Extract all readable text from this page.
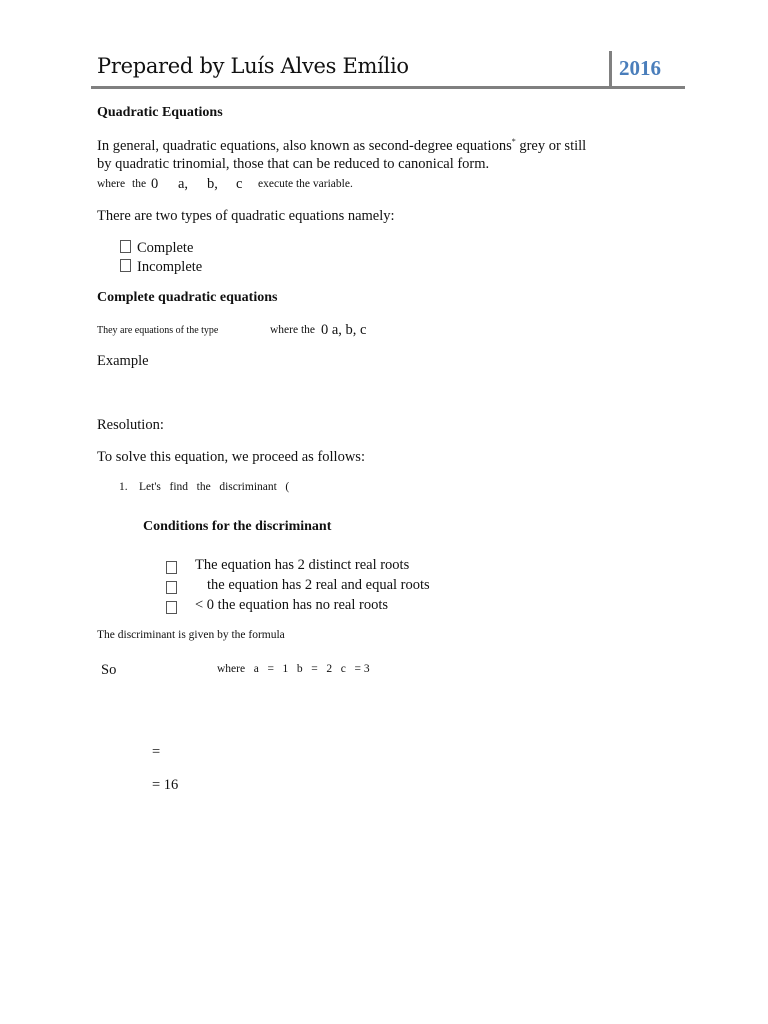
Prepared by Luís Alves Emílio	2016
Quadratic Equations
In general, quadratic equations, also known as second-degree equations* grey or still
by quadratic trinomial, those that can be reduced to canonical form.
where the 0 a, b, c execute the variable.
There are two types of quadratic equations namely:
Complete
Incomplete
Complete quadratic equations
They are equations of the type	where the 0 a, b, c
Example
Resolution:
To solve this equation, we proceed as follows:
1. Let's   find   the   discriminant   (
Conditions for the discriminant
The equation has 2 distinct real roots
the equation has 2 real and equal roots
< 0 the equation has no real roots
The discriminant is given by the formula
So	where   a   =   1   b   =   2   c   = 3
=
= 16
